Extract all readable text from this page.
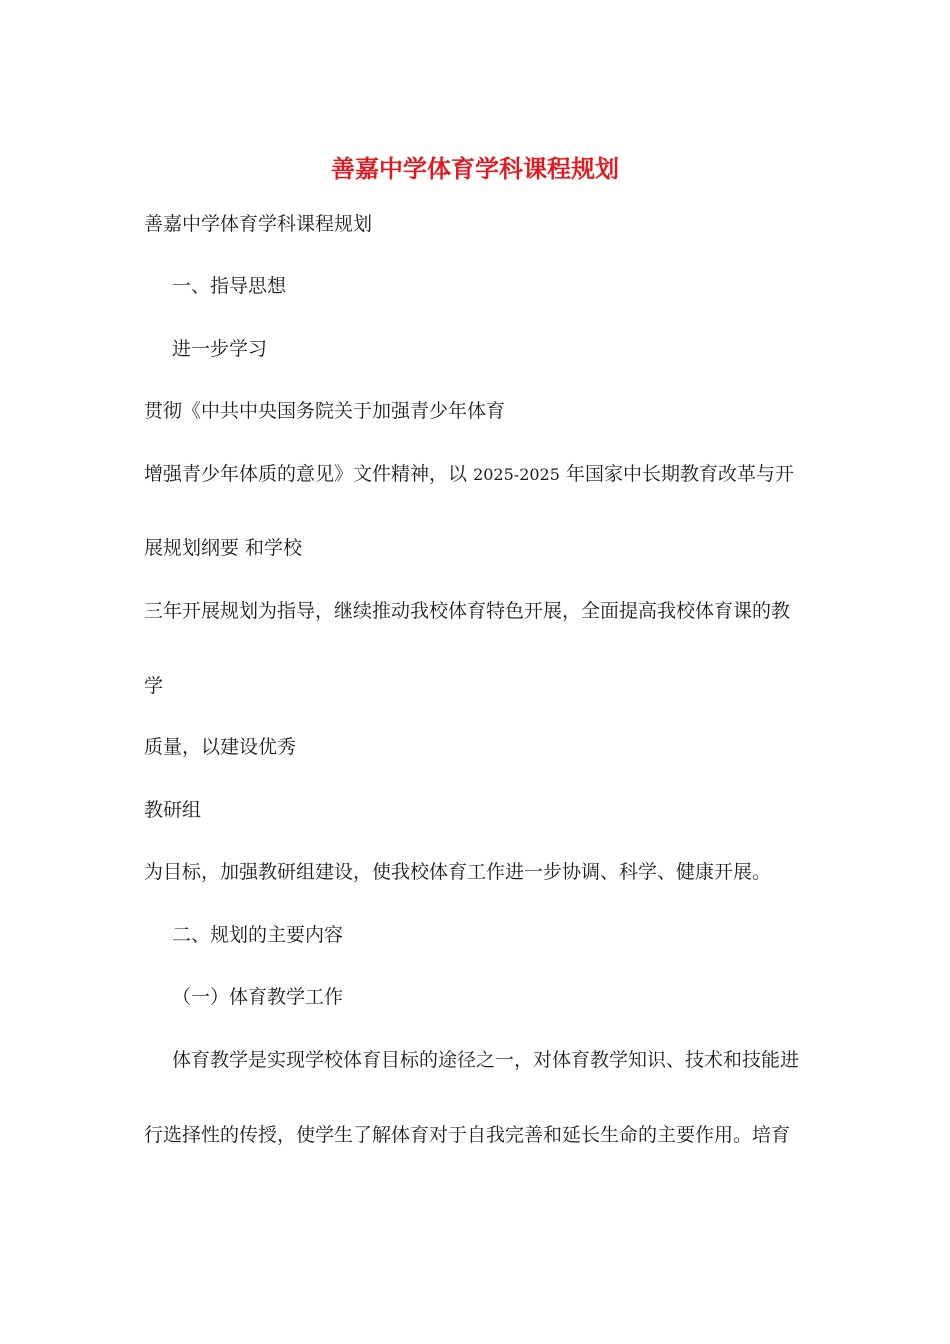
善嘉中学体育学科课程规划
善嘉中学体育学科课程规划
一、指导思想
进一步学习
贯彻《中共中央国务院关于加强青少年体育
增强青少年体质的意见》文件精神，以 2025-2025 年国家中长期教育改革与开
展规划纲要 和学校
三年开展规划为指导，继续推动我校体育特色开展，全面提高我校体育课的教
学
质量，以建设优秀
教研组
为目标，加强教研组建设，使我校体育工作进一步协调、科学、健康开展。
二、规划的主要内容
（一）体育教学工作
体育教学是实现学校体育目标的途径之一，对体育教学知识、技术和技能进
行选择性的传授，使学生了解体育对于自我完善和延长生命的主要作用。培育
